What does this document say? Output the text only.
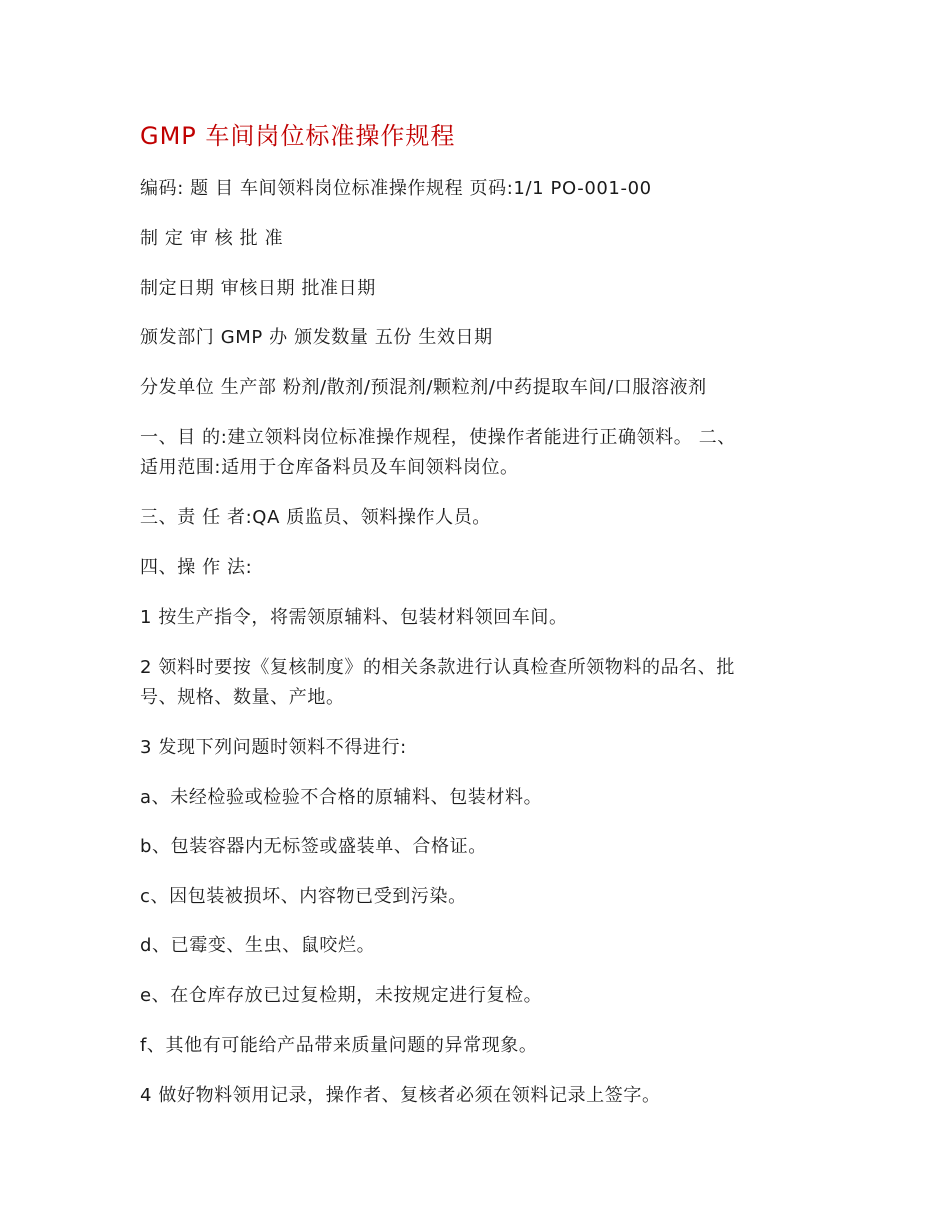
GMP 车间岗位标准操作规程
编码: 题 目 车间领料岗位标准操作规程 页码:1/1 PO-001-00
制 定 审 核 批 准
制定日期 审核日期 批准日期
颁发部门 GMP 办 颁发数量 五份 生效日期
分发单位 生产部 粉剂/散剂/预混剂/颗粒剂/中药提取车间/口服溶液剂
一、目 的:建立领料岗位标准操作规程，使操作者能进行正确领料。 二、
适用范围:适用于仓库备料员及车间领料岗位。
三、责 任 者:QA 质监员、领料操作人员。
四、操 作 法:
1 按生产指令，将需领原辅料、包装材料领回车间。
2 领料时要按《复核制度》的相关条款进行认真检查所领物料的品名、批
号、规格、数量、产地。
3 发现下列问题时领料不得进行:
a、未经检验或检验不合格的原辅料、包装材料。
b、包装容器内无标签或盛装单、合格证。
c、因包装被损坏、内容物已受到污染。
d、已霉变、生虫、鼠咬烂。
e、在仓库存放已过复检期，未按规定进行复检。
f、其他有可能给产品带来质量问题的异常现象。
4 做好物料领用记录，操作者、复核者必须在领料记录上签字。
